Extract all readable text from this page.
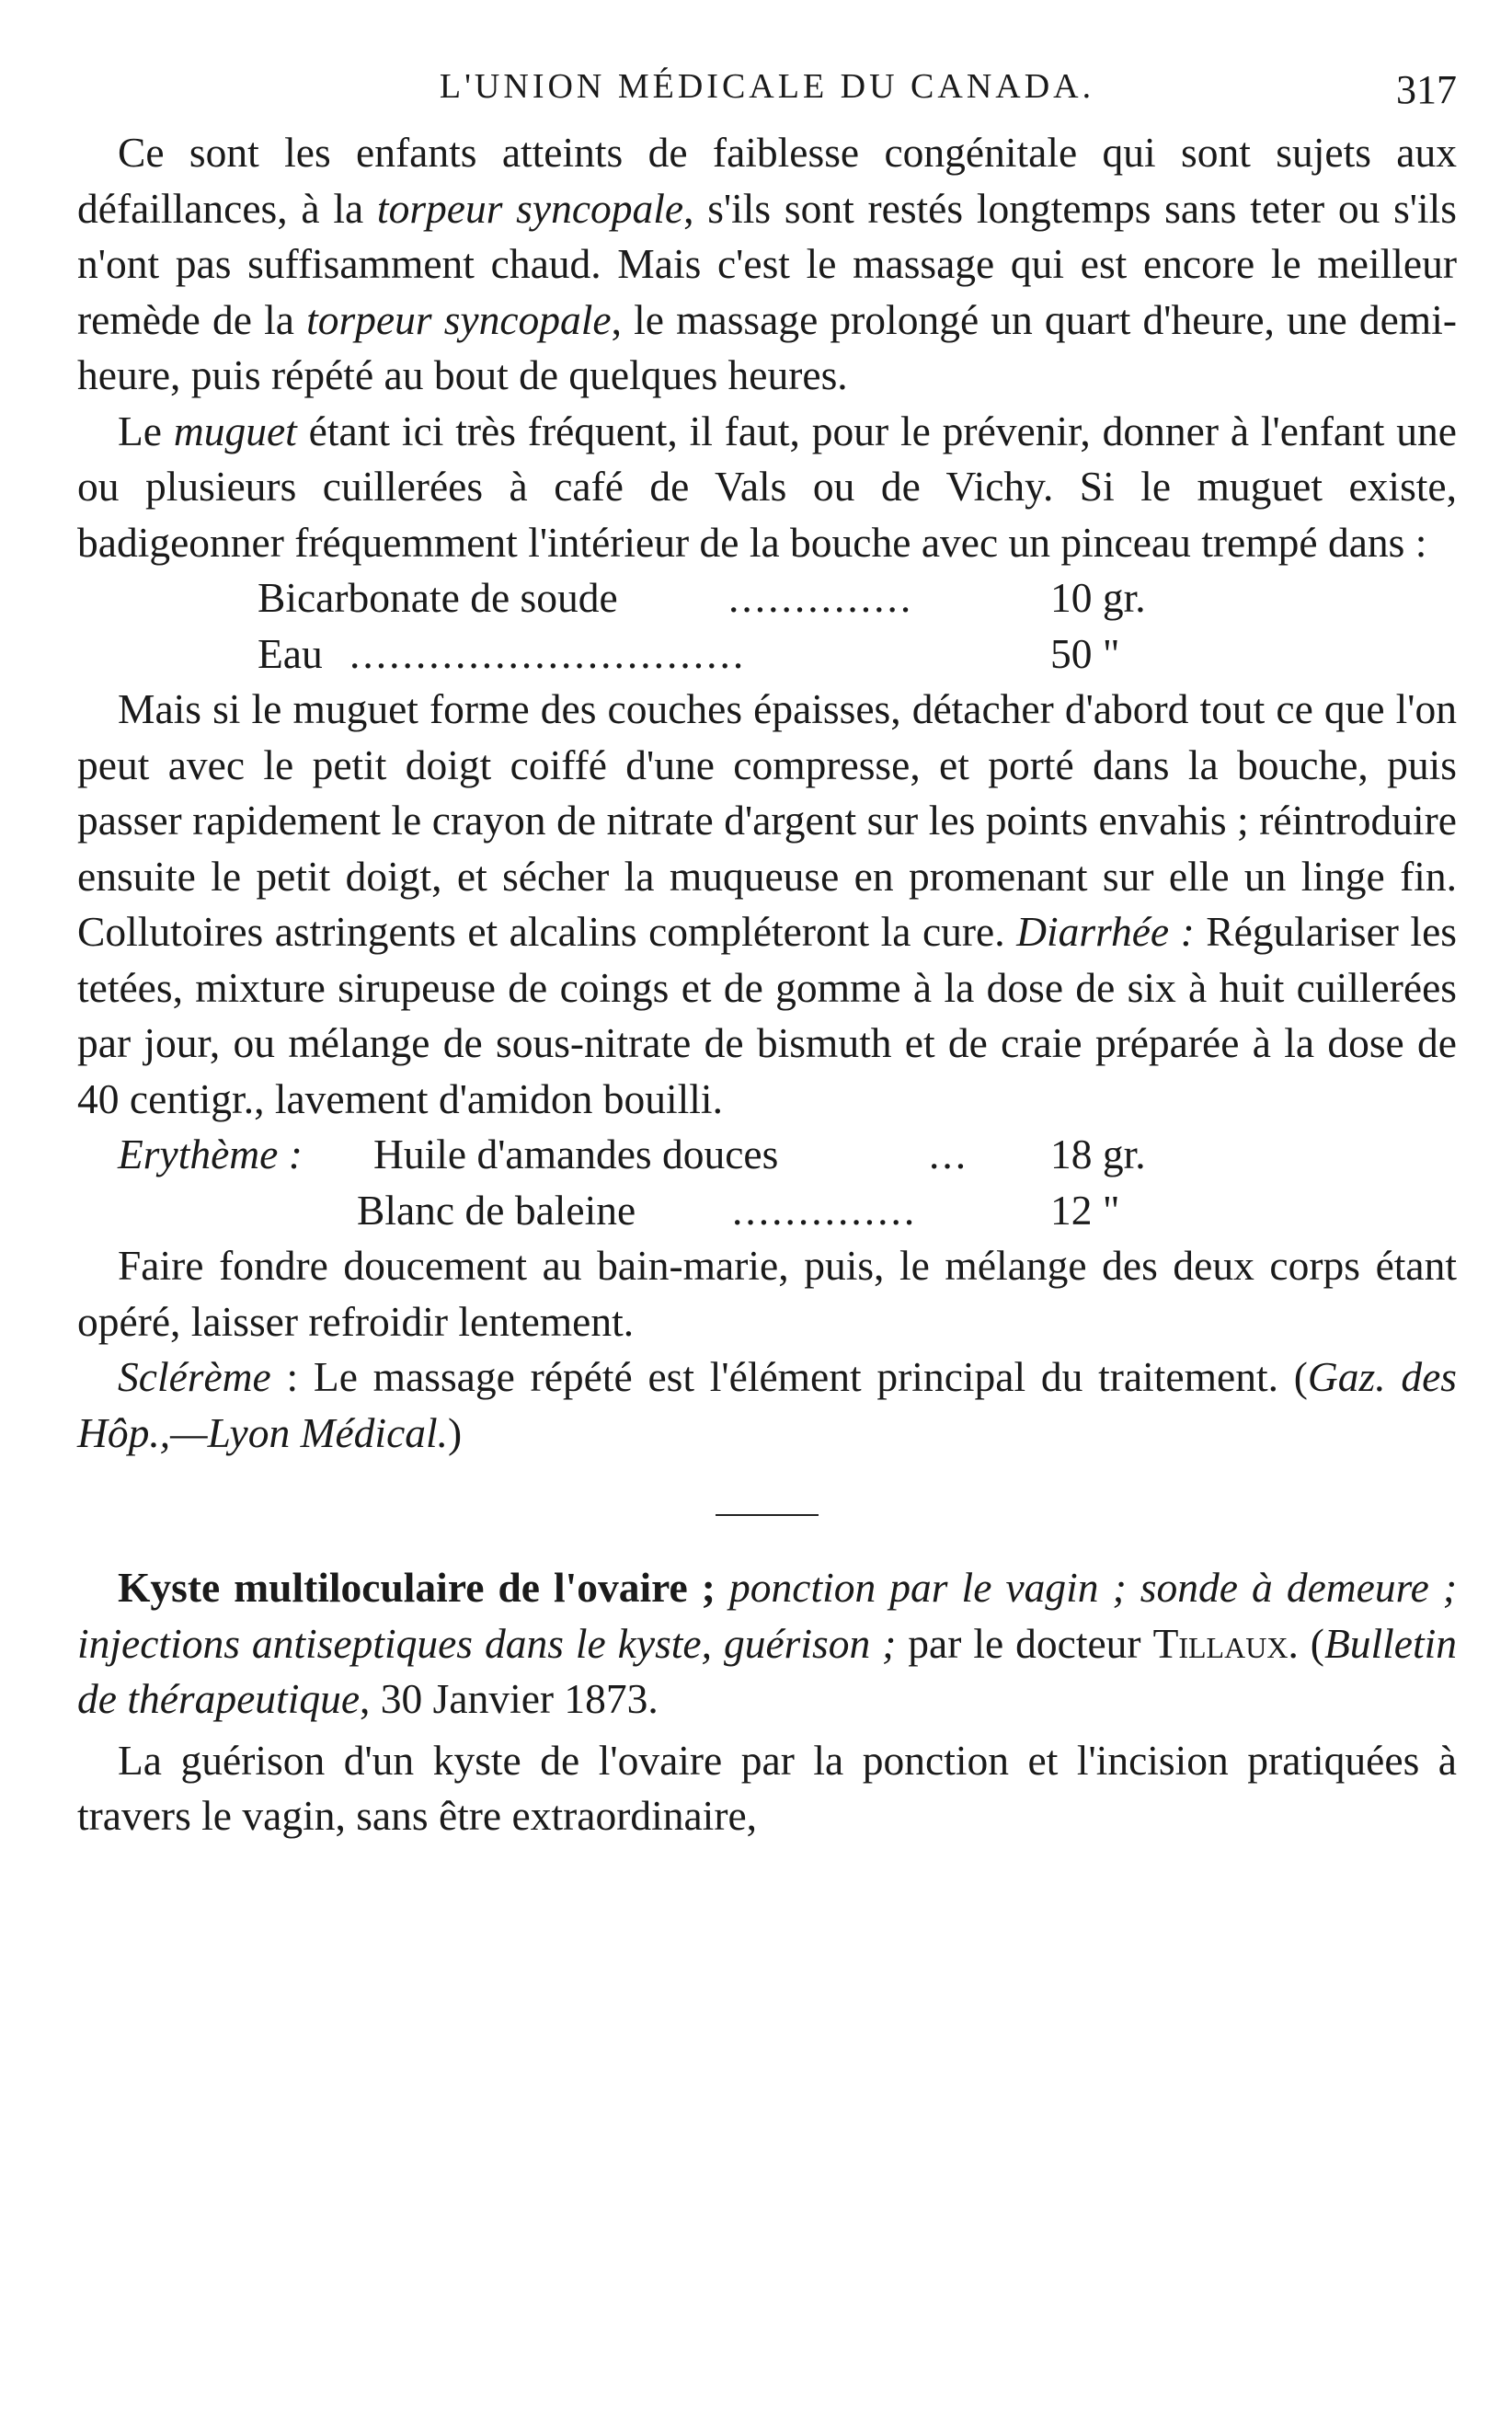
L'UNION MÉDICALE DU CANADA.	317

Ce sont les enfants atteints de faiblesse congénitale qui sont sujets aux défaillances, à la torpeur syncopale, s'ils sont restés longtemps sans teter ou s'ils n'ont pas suffisamment chaud. Mais c'est le massage qui est encore le meilleur remède de la torpeur syncopale, le massage prolongé un quart d'heure, une demi-heure, puis répété au bout de quelques heures.

Le muguet étant ici très fréquent, il faut, pour le prévenir, donner à l'enfant une ou plusieurs cuillerées à café de Vals ou de Vichy. Si le muguet existe, badigeonner fréquemment l'intérieur de la bouche avec un pinceau trempé dans :

Bicarbonate de soude	..............	10 gr.
Eau ..............................	50 "

Mais si le muguet forme des couches épaisses, détacher d'abord tout ce que l'on peut avec le petit doigt coiffé d'une compresse, et porté dans la bouche, puis passer rapidement le crayon de nitrate d'argent sur les points envahis ; réintroduire ensuite le petit doigt, et sécher la muqueuse en promenant sur elle un linge fin. Collutoires astringents et alcalins compléteront la cure. Diarrhée : Régulariser les tetées, mixture sirupeuse de coings et de gomme à la dose de six à huit cuillerées par jour, ou mélange de sous-nitrate de bismuth et de craie préparée à la dose de 40 centigr., lavement d'amidon bouilli.

Erythème : Huile d'amandes douces	...	18 gr.
Blanc de baleine ..............	12 "

Faire fondre doucement au bain-marie, puis, le mélange des deux corps étant opéré, laisser refroidir lentement.

Sclérème : Le massage répété est l'élément principal du traitement. (Gaz. des Hôp.,—Lyon Médical.)

Kyste multiloculaire de l'ovaire ; ponction par le vagin ; sonde à demeure ; injections antiseptiques dans le kyste, guérison ; par le docteur Tillaux. (Bulletin de thérapeutique, 30 Janvier 1873.

La guérison d'un kyste de l'ovaire par la ponction et l'incision pratiquées à travers le vagin, sans être extraordinaire,
